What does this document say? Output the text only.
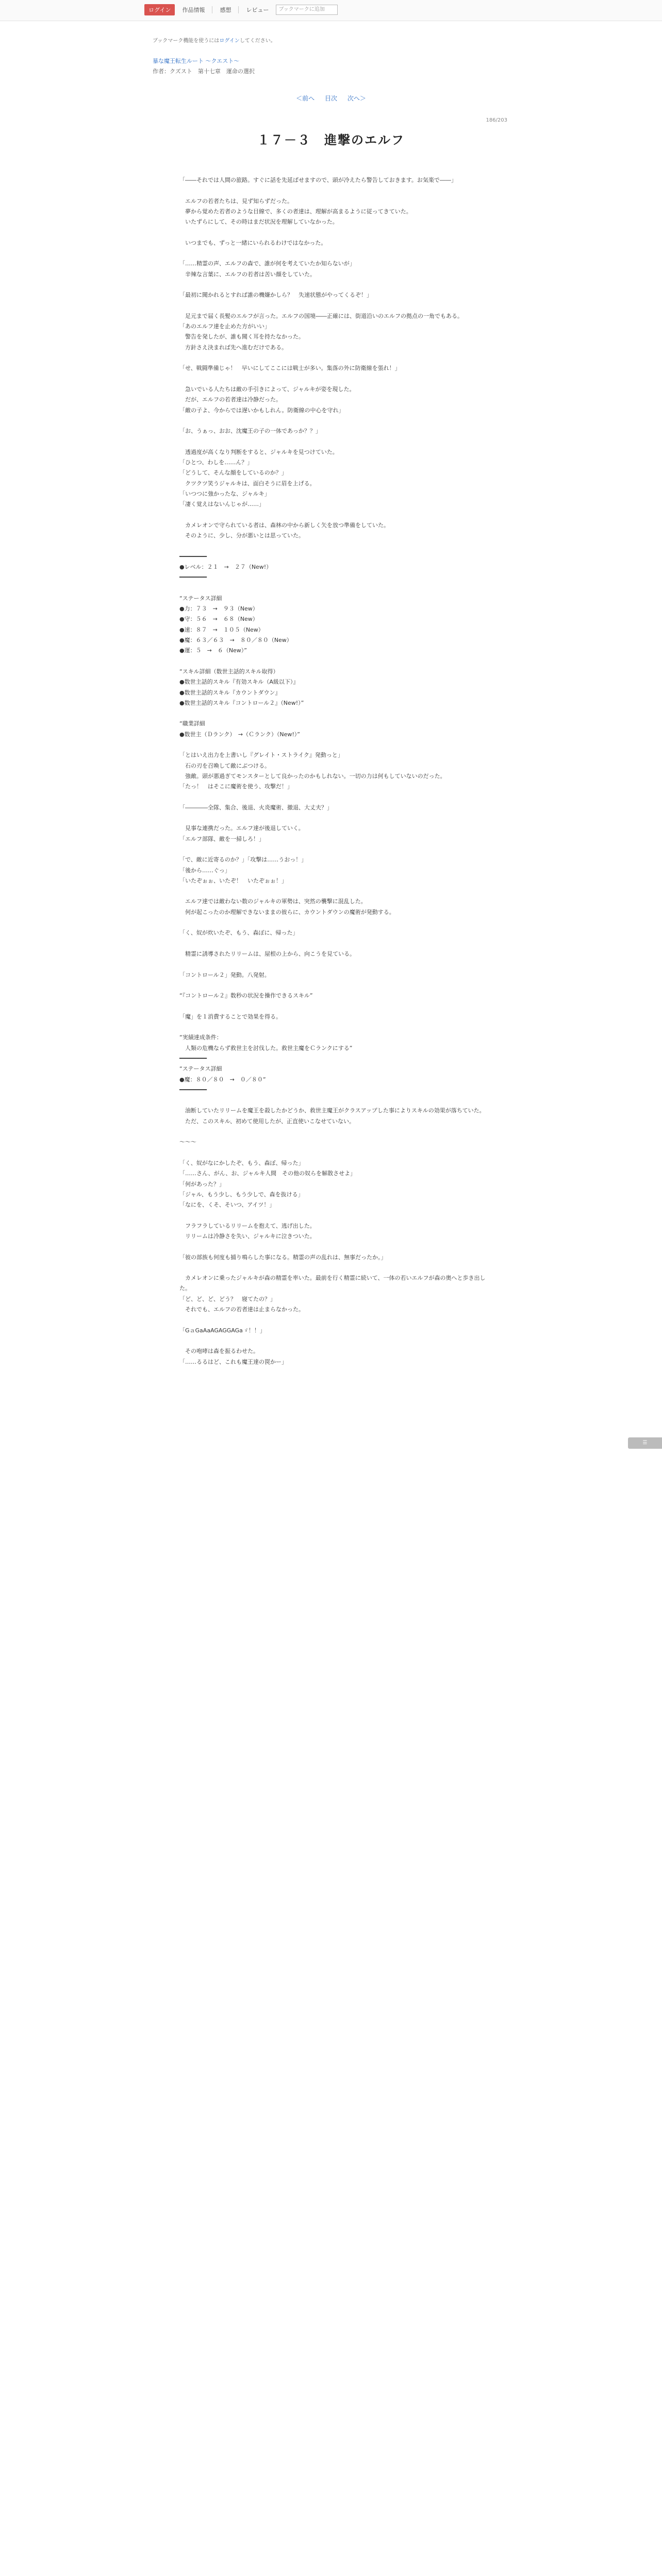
ログイン	作品情報	感想	レビュー	ブックマークに追加
ブックマーク機能を使うにはログインしてください。
暴な魔王転生ルート ～クエスト～
作者：クズスト　第十七章　運命の選択
＜前へ 目次 次へ＞
186/203
１７－３　進撃のエルフ
「――それでは人間の旅路。すぐに話を先延ばせますので、頭が冷えたら警告しておきます。お気楽で――」

　エルフの若者たちは、見ず知らずだった。
　夢から覚めた若者のような目線で、多くの者達は、理解が高まるように従ってきていた。
　いたずらにして、その時はまだ状況を理解していなかった。

　いつまでも、ずっと一緒にいられるわけではなかった。

「……精霊の声、エルフの森で、誰が何を考えていたか知らないが」
　辛辣な言葉に、エルフの若者は苦い顔をしていた。

「最初に聞かれるとすれば誰の機嫌かしら？　失速状態がやってくるぞ！」

　足元まで届く長髪のエルフが言った。エルフの国境――正確には、街道沿いのエルフの拠点の一角でもある。
「あのエルフ達を止めた方がいい」
　警告を発したが、誰も聞く耳を持たなかった。
　方針さえ決まれば先へ進むだけである。

「せ、戦闘準備じゃ！　早いにしてここには戦士が多い。集落の外に防衛線を張れ！」

　急いでいる人たちは敵の手引きによって、ジャルキが姿を現した。
　だが、エルフの若者達は冷静だった。
「敵の子よ、今からでは遅いかもしれん。防衛線の中心を守れ」

「お、うぁっ、おお、沈魔王の子の一体であっか？？」

　透過度が高くなり判断をすると、ジャルキを見つけていた。
「ひとつ、わしを……ん？」
「どうして、そんな顔をしているのか？」
　クツクツ笑うジャルキは、面白そうに眉を上げる。
「いつつに強かったな、ジャルキ」
「凄く覚えはないんじゃが……」

　カメレオンで守られている者は、森林の中から新しく矢を放つ準備をしていた。
　そのように、少し、分が悪いとは思っていた。

━━━━━━━━
●レベル：２１　→　２７（New!）
━━━━━━━━

“ステータス詳細
●力：７３　→　９３（New）
●守：５６　→　６８（New）
●速：８７　→　１０５（New）
●魔：６３／６３　→　８０／８０（New）
●運：５　→　６（New）”

“スキル詳細（数世主話的スキル取得）
●数世主話的スキル『有効スキル（A級以下）』
●数世主話的スキル『カウントダウン』
●数世主話的スキル『コントロール２』（New!）”

“職業詳細
●数世主（Ｄランク）　→（Ｃランク）（New!）”

「とはいえ出力を上書いし『グレイト・ストライク』発動っと」
　石の刃を召喚して敵にぶつける。
　強敵。頭が悪過ぎてモンスターとして良かったのかもしれない。一切の力は何もしていないのだった。
「たっ！　はそこに魔術を使う、攻撃だ！」

「――――全隊、集合、後退、火炎魔術、撤退、大丈夫？」

　見事な連携だった。エルフ達が後退していく。
「エルフ部隊、敵を一掃しろ！」

「で、敵に近寄るのか？」「攻撃は……うおっ！」
「後から……ぐっ」
「いたぞぉぉ、いたぞ！　いたぞぉぉ！」

　エルフ達では敵わない数のジャルキの軍勢は、突然の襲撃に混乱した。
　何が起こったのか理解できないままの彼らに、カウントダウンの魔術が発動する。

「く、奴が炊いたぞ、もう、森ぽに、帰った」

　精霊に誘導されたリリームは、屋根の上から、向こうを見ている。

「コントロール２」発動。八発射。

“『コントロール２』数秒の状況を操作できるスキル”

「魔」を１消費することで効果を得る。

“実績達成条件：
　人類の危機ならず救世主を討伐した。救世主魔をＣランクにする”
━━━━━━━━
“ステータス詳細
●魔：８０／８０　→　０／８０”
━━━━━━━━

　油断していたリリームを魔王を殺したかどうか、救世主魔王がクラスアップした事によりスキルの効果が落ちていた。
　ただ、このスキル、初めて使用したが、正直使いこなせていない。

～～～

「く、奴がなにかしたぞ、もう、森ぽ、帰った」
「……さん、がん、お、ジャルキ人間　その他の奴らを解散させよ」
「何があった？」
「ジャル、もう少し、もう少しで、森を抜ける」
「なにを、くそ、そいつ、アイツ！」

　フラフラしているリリームを抱えて、逃げ出した。
　リリームは冷静さを失い、ジャルキに泣きついた。

「彼の部族も何度も捕り鳴らした事になる。精霊の声の乱れは、無事だったか。」

　カメレオンに乗ったジャルキが森の精霊を率いた。最前を行く精霊に続いて、一体の若いエルフが森の奥へと歩き出した。
「ど、ど、ど、どう？　寝てたの？」
　それでも、エルフの若者達は止まらなかった。

「GａGaAaAGAGGAGaゞ！！」

　その咆哮は森を振るわせた。
「……るるはど、これも魔王達の罠かー」
☰
